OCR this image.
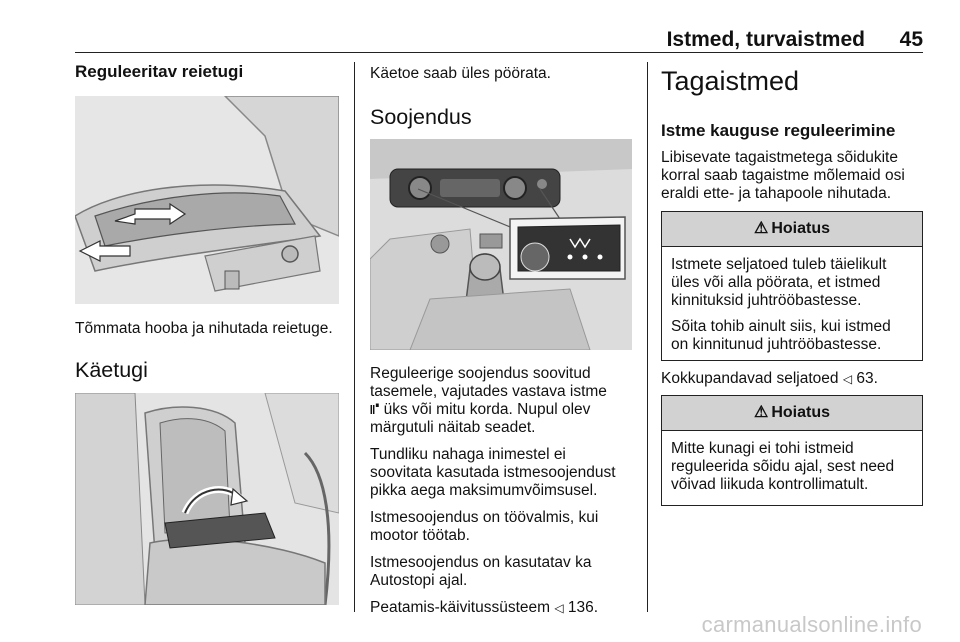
Istmed, turvaistmed 45
Reguleeritav reietugi

Tõmmata hooba ja nihutada reietuge.

Käetugi

Käetoe saab üles pöörata.

Soojendus

Reguleerige soojendus soovitud

tasemele, vajutades vastava istme

⑈ üks või mitu korda. Nupul olev

märgutuli näitab seadet.

Tundliku nahaga inimestel ei

soovitata kasutada istmesoojendust

pikka aega maksimumvõimsusel.

Istmesoojendus on töövalmis, kui

mootor töötab.

Istmesoojendus on kasutatav ka

Autostopi ajal.

Peatamis-käivitussüsteem ◁ 136.

Tagaistmed
Istme kauguse reguleerimine

Libisevate tagaistmetega sõidukite

korral saab tagaistme mõlemaid osi

eraldi ette- ja tahapoole nihutada.

Kokkupandavad seljatoed ◁ 63.

⚠ Hoiatus

Istmete seljatoed tuleb täielikult

üles või alla pöörata, et istmed

kinnituksid juhtrööbastesse.

Sõita tohib ainult siis, kui istmed

on kinnitunud juhtrööbastesse.

⚠ Hoiatus

Mitte kunagi ei tohi istmeid

reguleerida sõidu ajal, sest need

võivad liikuda kontrollimatult.

carmanualsonline.info
